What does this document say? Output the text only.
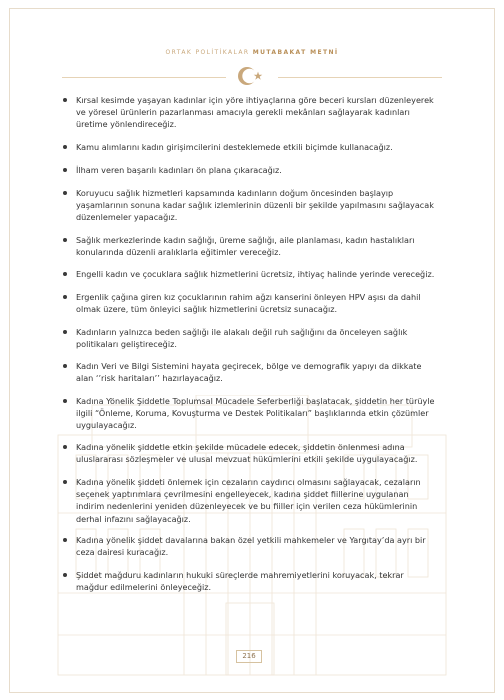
ORTAK POLİTİKALAR MUTABAKAT METNİ
Kırsal kesimde yaşayan kadınlar için yöre ihtiyaçlarına göre beceri kursları düzenleyerek ve yöresel ürünlerin pazarlanması amacıyla gerekli mekânları sağlayarak kadınları üretime yönlendireceğiz.
Kamu alımlarını kadın girişimcilerini desteklemede etkili biçimde kullanacağız.
İlham veren başarılı kadınları ön plana çıkaracağız.
Koruyucu sağlık hizmetleri kapsamında kadınların doğum öncesinden başlayıp yaşamlarının sonuna kadar sağlık izlemlerinin düzenli bir şekilde yapılmasını sağlayacak düzenlemeler yapacağız.
Sağlık merkezlerinde kadın sağlığı, üreme sağlığı, aile planlaması, kadın hastalıkları konularında düzenli aralıklarla eğitimler vereceğiz.
Engelli kadın ve çocuklara sağlık hizmetlerini ücretsiz, ihtiyaç halinde yerinde vereceğiz.
Ergenlik çağına giren kız çocuklarının rahim ağzı kanserini önleyen HPV aşısı da dahil olmak üzere, tüm önleyici sağlık hizmetlerini ücretsiz sunacağız.
Kadınların yalnızca beden sağlığı ile alakalı değil ruh sağlığını da önceleyen sağlık politikaları geliştireceğiz.
Kadın Veri ve Bilgi Sistemini hayata geçirecek, bölge ve demografik yapıyı da dikkate alan ‘’risk haritaları’’ hazırlayacağız.
Kadına Yönelik Şiddetle Toplumsal Mücadele Seferberliği başlatacak, şiddetin her türüyle ilgili “Önleme, Koruma, Kovuşturma ve Destek Politikaları” başlıklarında etkin çözümler uygulayacağız.
Kadına yönelik şiddetle etkin şekilde mücadele edecek, şiddetin önlenmesi adına uluslararası sözleşmeler ve ulusal mevzuat hükümlerini etkili şekilde uygulayacağız.
Kadına yönelik şiddeti önlemek için cezaların caydırıcı olmasını sağlayacak, cezaların seçenek yaptırımlara çevrilmesini engelleyecek, kadına şiddet fiillerine uygulanan indirim nedenlerini yeniden düzenleyecek ve bu fiiller için verilen ceza hükümlerinin derhal infazını sağlayacağız.
Kadına yönelik şiddet davalarına bakan özel yetkili mahkemeler ve Yargıtay’da ayrı bir ceza dairesi kuracağız.
Şiddet mağduru kadınların hukuki süreçlerde mahremiyetlerini koruyacak, tekrar mağdur edilmelerini önleyeceğiz.
216
